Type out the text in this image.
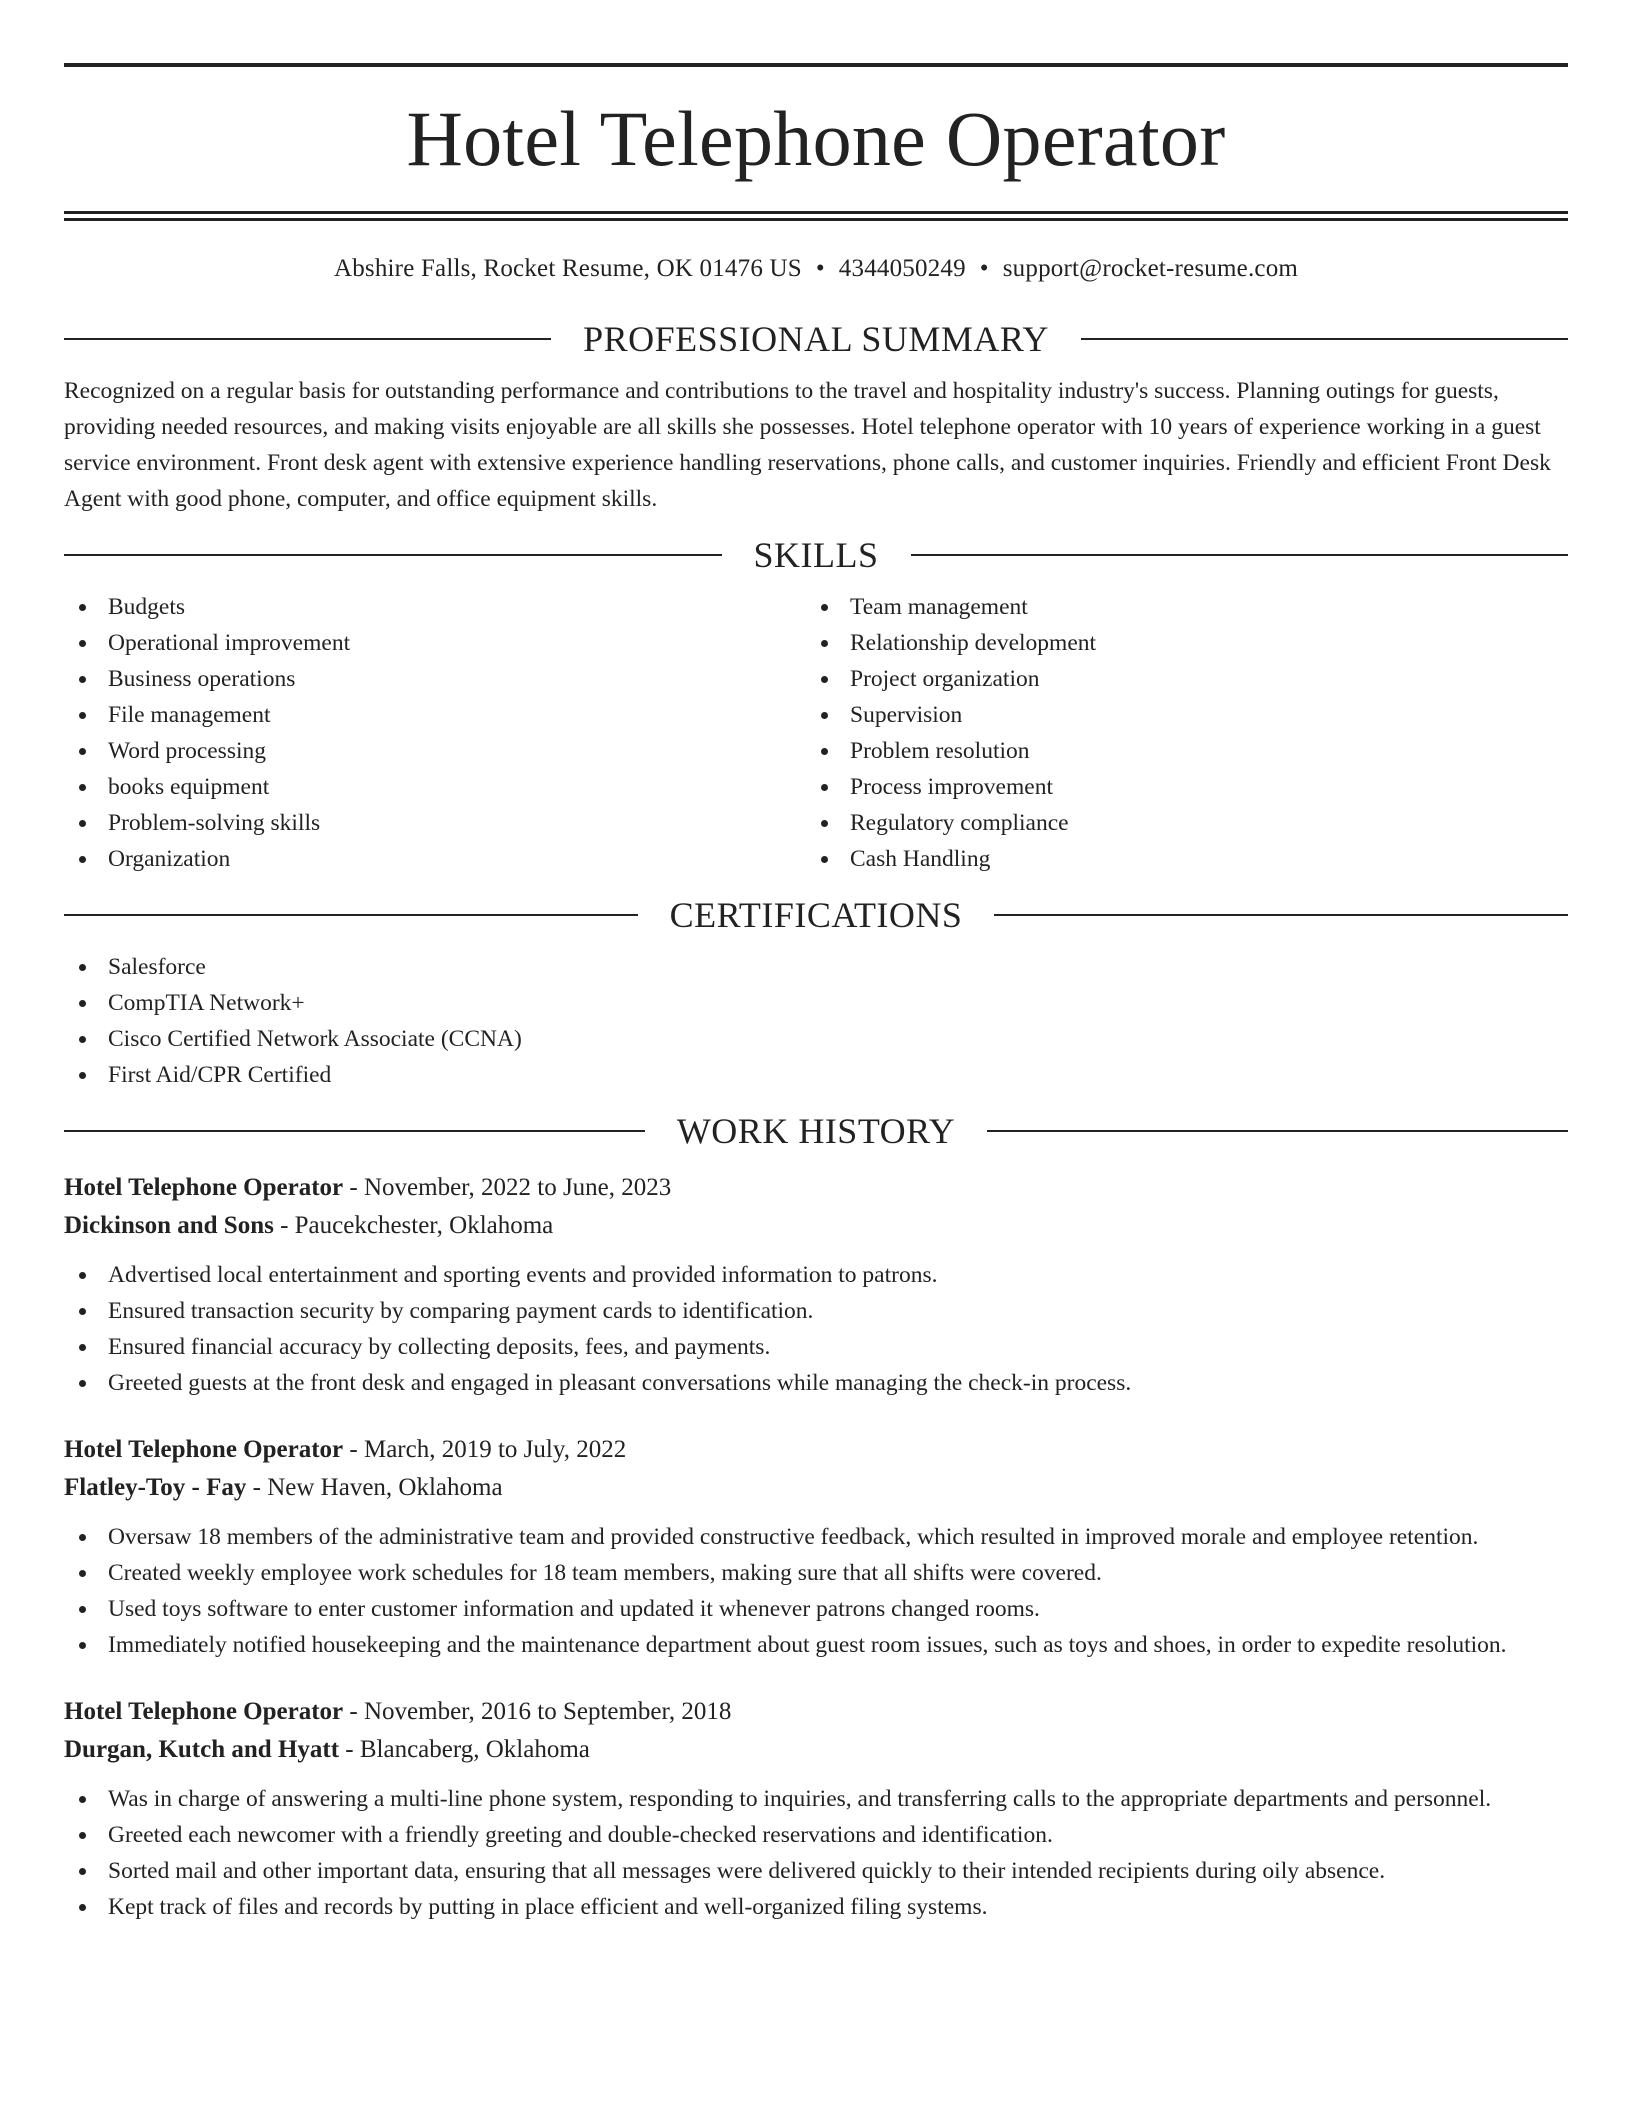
Hotel Telephone Operator
Abshire Falls, Rocket Resume, OK 01476 US • 4344050249 • support@rocket-resume.com
PROFESSIONAL SUMMARY

Recognized on a regular basis for outstanding performance and contributions to the travel and hospitality industry's success. Planning outings for guests, providing needed resources, and making visits enjoyable are all skills she possesses. Hotel telephone operator with 10 years of experience working in a guest service environment. Front desk agent with extensive experience handling reservations, phone calls, and customer inquiries. Friendly and efficient Front Desk Agent with good phone, computer, and office equipment skills.

SKILLS
Budgets
Operational improvement
Business operations
File management
Word processing
books equipment
Problem-solving skills
Organization
Team management
Relationship development
Project organization
Supervision
Problem resolution
Process improvement
Regulatory compliance
Cash Handling
CERTIFICATIONS
Salesforce
CompTIA Network+
Cisco Certified Network Associate (CCNA)
First Aid/CPR Certified
WORK HISTORY
Hotel Telephone Operator - November, 2022 to June, 2023
Dickinson and Sons - Paucekchester, Oklahoma
Advertised local entertainment and sporting events and provided information to patrons.
Ensured transaction security by comparing payment cards to identification.
Ensured financial accuracy by collecting deposits, fees, and payments.
Greeted guests at the front desk and engaged in pleasant conversations while managing the check-in process.
Hotel Telephone Operator - March, 2019 to July, 2022
Flatley-Toy - Fay - New Haven, Oklahoma
Oversaw 18 members of the administrative team and provided constructive feedback, which resulted in improved morale and employee retention.
Created weekly employee work schedules for 18 team members, making sure that all shifts were covered.
Used toys software to enter customer information and updated it whenever patrons changed rooms.
Immediately notified housekeeping and the maintenance department about guest room issues, such as toys and shoes, in order to expedite resolution.
Hotel Telephone Operator - November, 2016 to September, 2018
Durgan, Kutch and Hyatt - Blancaberg, Oklahoma
Was in charge of answering a multi-line phone system, responding to inquiries, and transferring calls to the appropriate departments and personnel.
Greeted each newcomer with a friendly greeting and double-checked reservations and identification.
Sorted mail and other important data, ensuring that all messages were delivered quickly to their intended recipients during oily absence.
Kept track of files and records by putting in place efficient and well-organized filing systems.
